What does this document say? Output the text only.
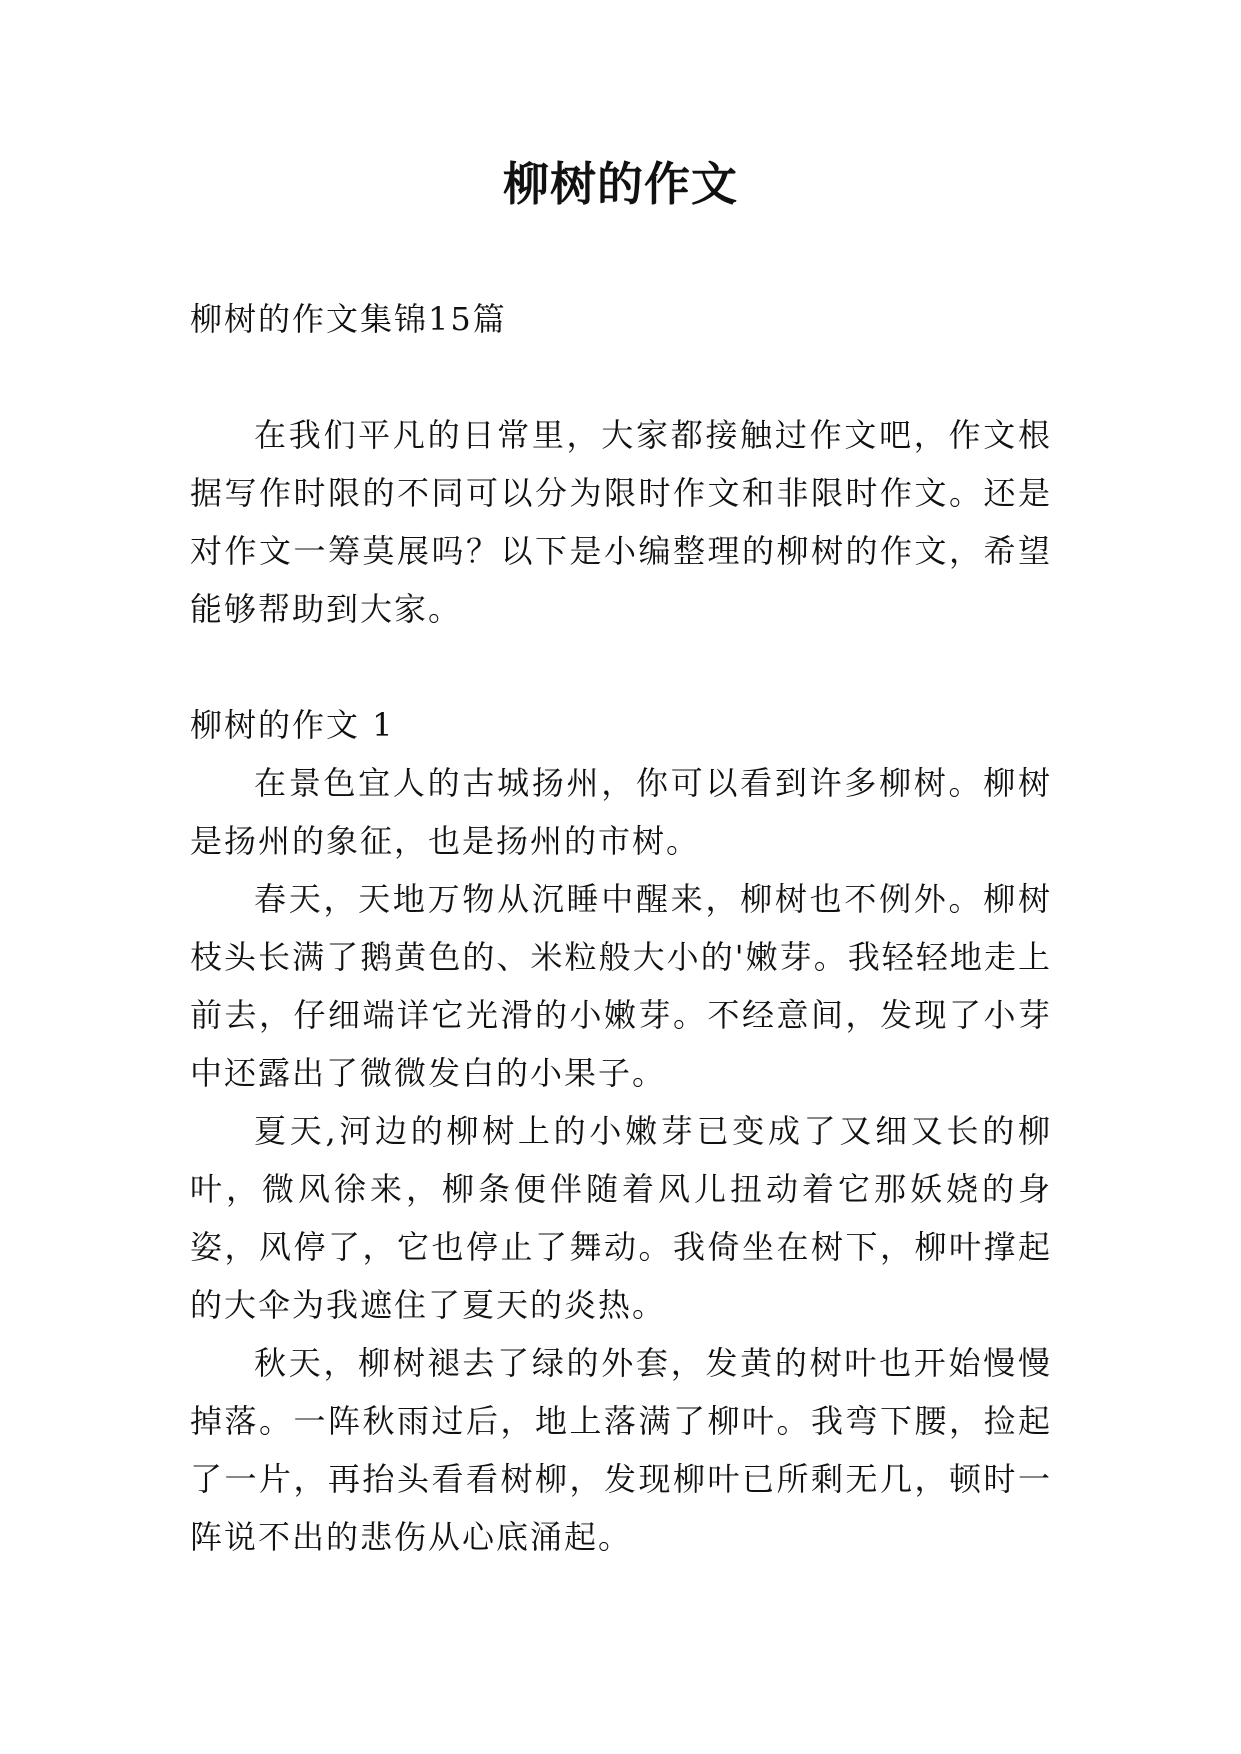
柳树的作文

柳树的作文集锦15篇

在我们平凡的日常里，大家都接触过作文吧，作文根据写作时限的不同可以分为限时作文和非限时作文。还是对作文一筹莫展吗？以下是小编整理的柳树的作文，希望能够帮助到大家。

柳树的作文 1

在景色宜人的古城扬州，你可以看到许多柳树。柳树是扬州的象征，也是扬州的市树。

春天，天地万物从沉睡中醒来，柳树也不例外。柳树枝头长满了鹅黄色的、米粒般大小的'嫩芽。我轻轻地走上前去，仔细端详它光滑的小嫩芽。不经意间，发现了小芽中还露出了微微发白的小果子。

夏天,河边的柳树上的小嫩芽已变成了又细又长的柳叶，微风徐来，柳条便伴随着风儿扭动着它那妖娆的身姿，风停了，它也停止了舞动。我倚坐在树下，柳叶撑起的大伞为我遮住了夏天的炎热。

秋天，柳树褪去了绿的外套，发黄的树叶也开始慢慢掉落。一阵秋雨过后，地上落满了柳叶。我弯下腰，捡起了一片，再抬头看看树柳，发现柳叶已所剩无几，顿时一阵说不出的悲伤从心底涌起。
